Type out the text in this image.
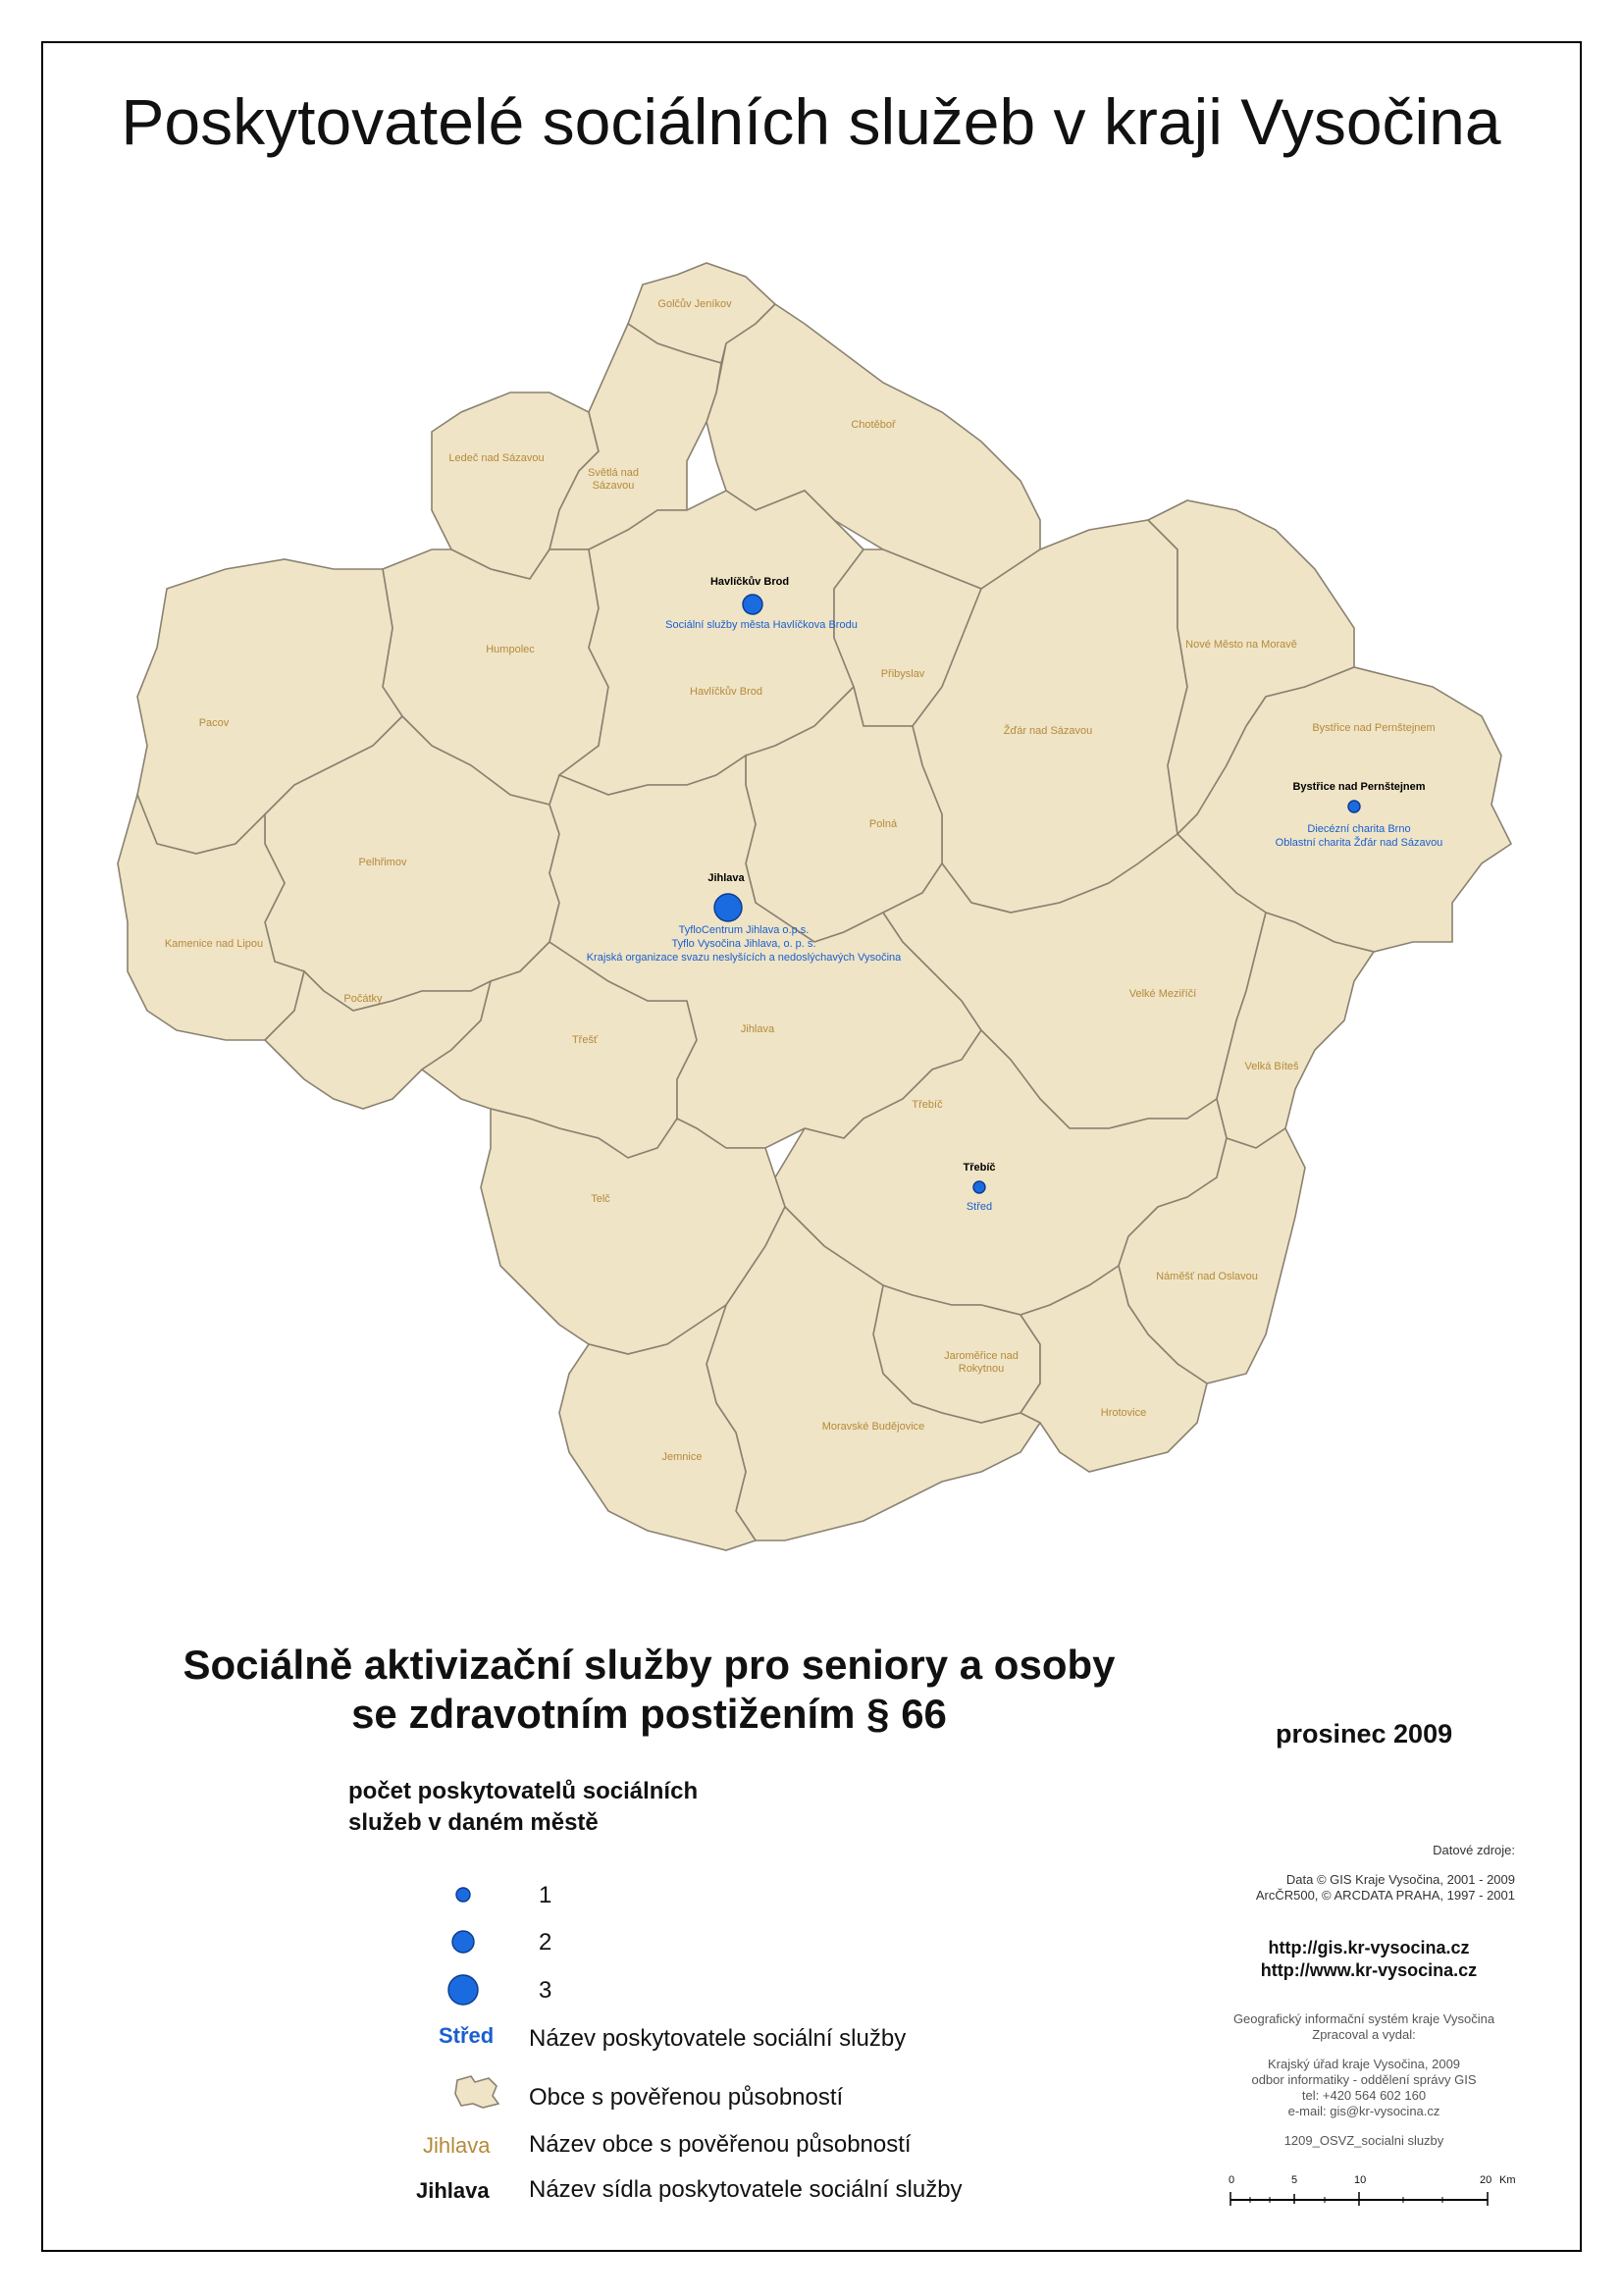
Poskytovatelé sociálních služeb v kraji Vysočina
Golčův Jeníkov
Chotěboř
Ledeč nad Sázavou
Světlá nad
Sázavou
Humpolec
Havlíčkův Brod
Přibyslav
Žďár nad Sázavou
Nové Město na Moravě
Bystřice nad Pernštejnem
Pacov
Pelhřimov
Polná
Kamenice nad Lipou
Počátky
Třešť
Jihlava
Velké Meziříčí
Velká Bíteš
Třebíč
Telč
Náměšť nad Oslavou
Jaroměřice nad
Rokytnou
Hrotovice
Moravské Budějovice
Jemnice
Havlíčkův Brod
Sociální služby města Havlíčkova Brodu
Bystřice nad Pernštejnem
Diecézní charita Brno
Oblastní charita Žďár nad Sázavou
Jihlava
TyfloCentrum Jihlava o.p.s.
Tyflo Vysočina Jihlava, o. p. s.
Krajská organizace svazu neslyšících a nedoslýchavých Vysočina
Třebíč
Střed
Sociálně aktivizační služby pro seniory a osoby
se zdravotním postižením § 66	prosinec 2009
počet poskytovatelů sociálních
služeb v daném městě
1
2
3
Střed Název poskytovatele sociální služby
Obce s pověřenou působností
Jihlava Název obce s pověřenou působností
Jihlava Název sídla poskytovatele sociální služby
Datové zdroje:
Data © GIS Kraje Vysočina, 2001 - 2009
ArcČR500, © ARCDATA PRAHA, 1997 - 2001
http://gis.kr-vysocina.cz
http://www.kr-vysocina.cz
Geografický informační systém kraje Vysočina
Zpracoval a vydal:
Krajský úřad kraje Vysočina, 2009
odbor informatiky - oddělení správy GIS
tel: +420 564 602 160
e-mail: gis@kr-vysocina.cz
1209_OSVZ_socialni sluzby
0	5	10	20 Km
